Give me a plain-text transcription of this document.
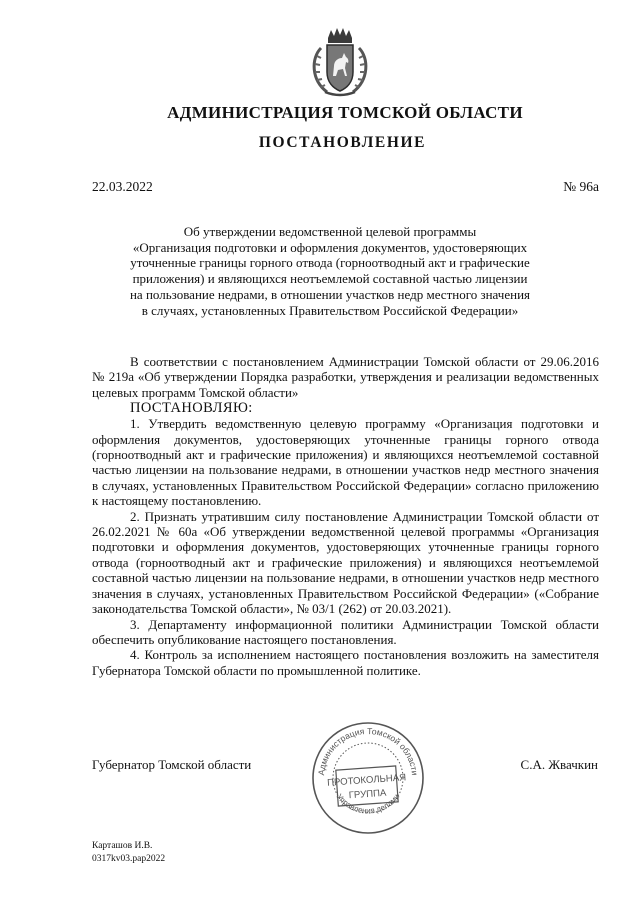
АДМИНИСТРАЦИЯ ТОМСКОЙ ОБЛАСТИ
ПОСТАНОВЛЕНИЕ
22.03.2022	№ 96а
Об утверждении ведомственной целевой программы
«Организация подготовки и оформления документов, удостоверяющих
уточненные границы горного отвода (горноотводный акт и графические
приложения) и являющихся неотъемлемой составной частью лицензии
на пользование недрами, в отношении участков недр местного значения
в случаях, установленных Правительством Российской Федерации»

В соответствии с постановлением Администрации Томской области от 29.06.2016 № 219а «Об утверждении Порядка разработки, утверждения и реализации ведомственных целевых программ Томской области»

ПОСТАНОВЛЯЮ:

1. Утвердить ведомственную целевую программу «Организация подготовки и оформления документов, удостоверяющих уточненные границы горного отвода (горноотводный акт и графические приложения) и являющихся неотъемлемой составной частью лицензии на пользование недрами, в отношении участков недр местного значения в случаях, установленных Правительством Российской Федерации» согласно приложению к настоящему постановлению.

2. Признать утратившим силу постановление Администрации Томской области от 26.02.2021 № 60а «Об утверждении ведомственной целевой программы «Организация подготовки и оформления документов, удостоверяющих уточненные границы горного отвода (горноотводный акт и графические приложения) и являющихся неотъемлемой составной частью лицензии на пользование недрами, в отношении участков недр местного значения в случаях, установленных Правительством Российской Федерации» («Собрание законодательства Томской области», № 03/1 (262) от 20.03.2021).

3. Департаменту информационной политики Администрации Томской области обеспечить опубликование настоящего постановления.

4. Контроль за исполнением настоящего постановления возложить на заместителя Губернатора Томской области по промышленной политике.

Губернатор Томской области
Администрация Томской области
Управления делами
ПРОТОКОЛЬНАЯ
ГРУППА
С.А. Жвачкин
Карташов И.В.
0317kv03.рар2022
